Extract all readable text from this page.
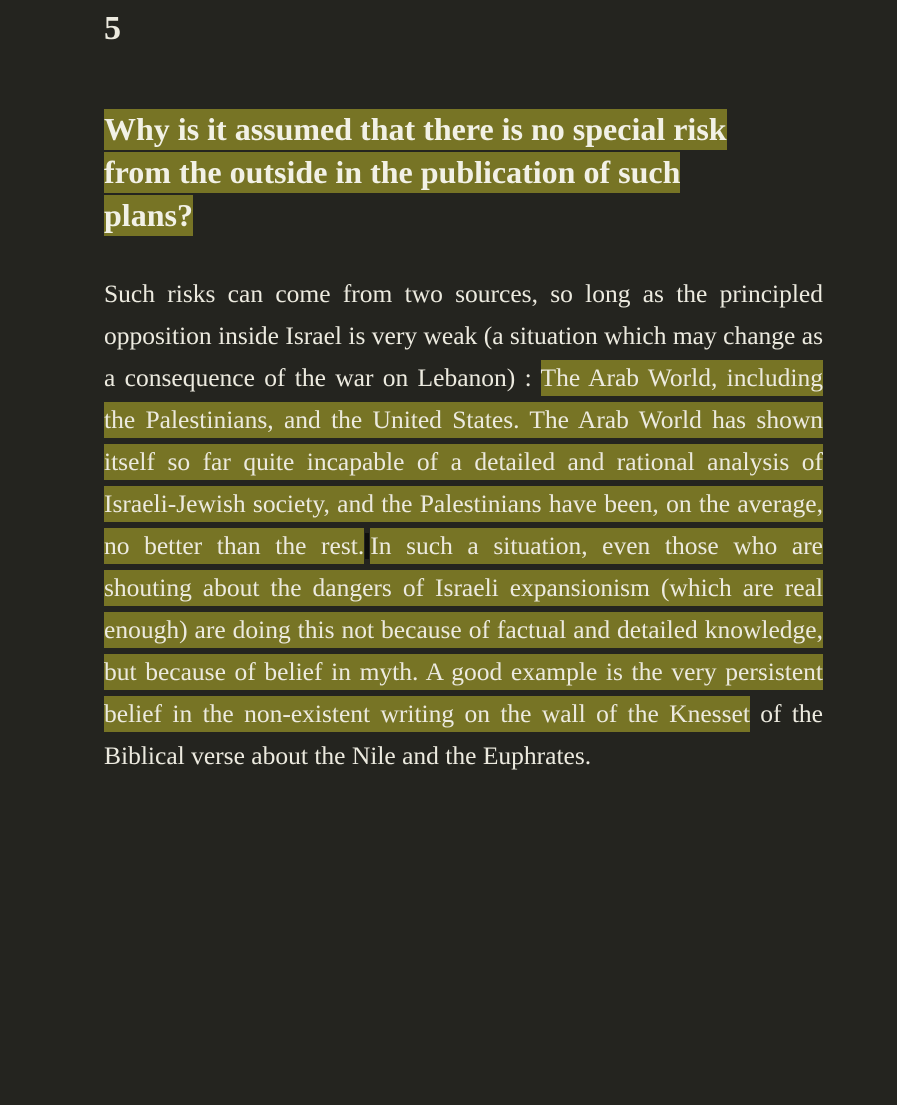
5
Why is it assumed that there is no special risk from the outside in the publication of such plans?

Such risks can come from two sources, so long as the principled opposition inside Israel is very weak (a situation which may change as a consequence of the war on Lebanon) : The Arab World, including the Palestinians, and the United States. The Arab World has shown itself so far quite incapable of a detailed and rational analysis of Israeli-Jewish society, and the Palestinians have been, on the average, no better than the rest. In such a situation, even those who are shouting about the dangers of Israeli expansionism (which are real enough) are doing this not because of factual and detailed knowledge, but because of belief in myth. A good example is the very persistent belief in the non-existent writing on the wall of the Knesset of the Biblical verse about the Nile and the Euphrates.
